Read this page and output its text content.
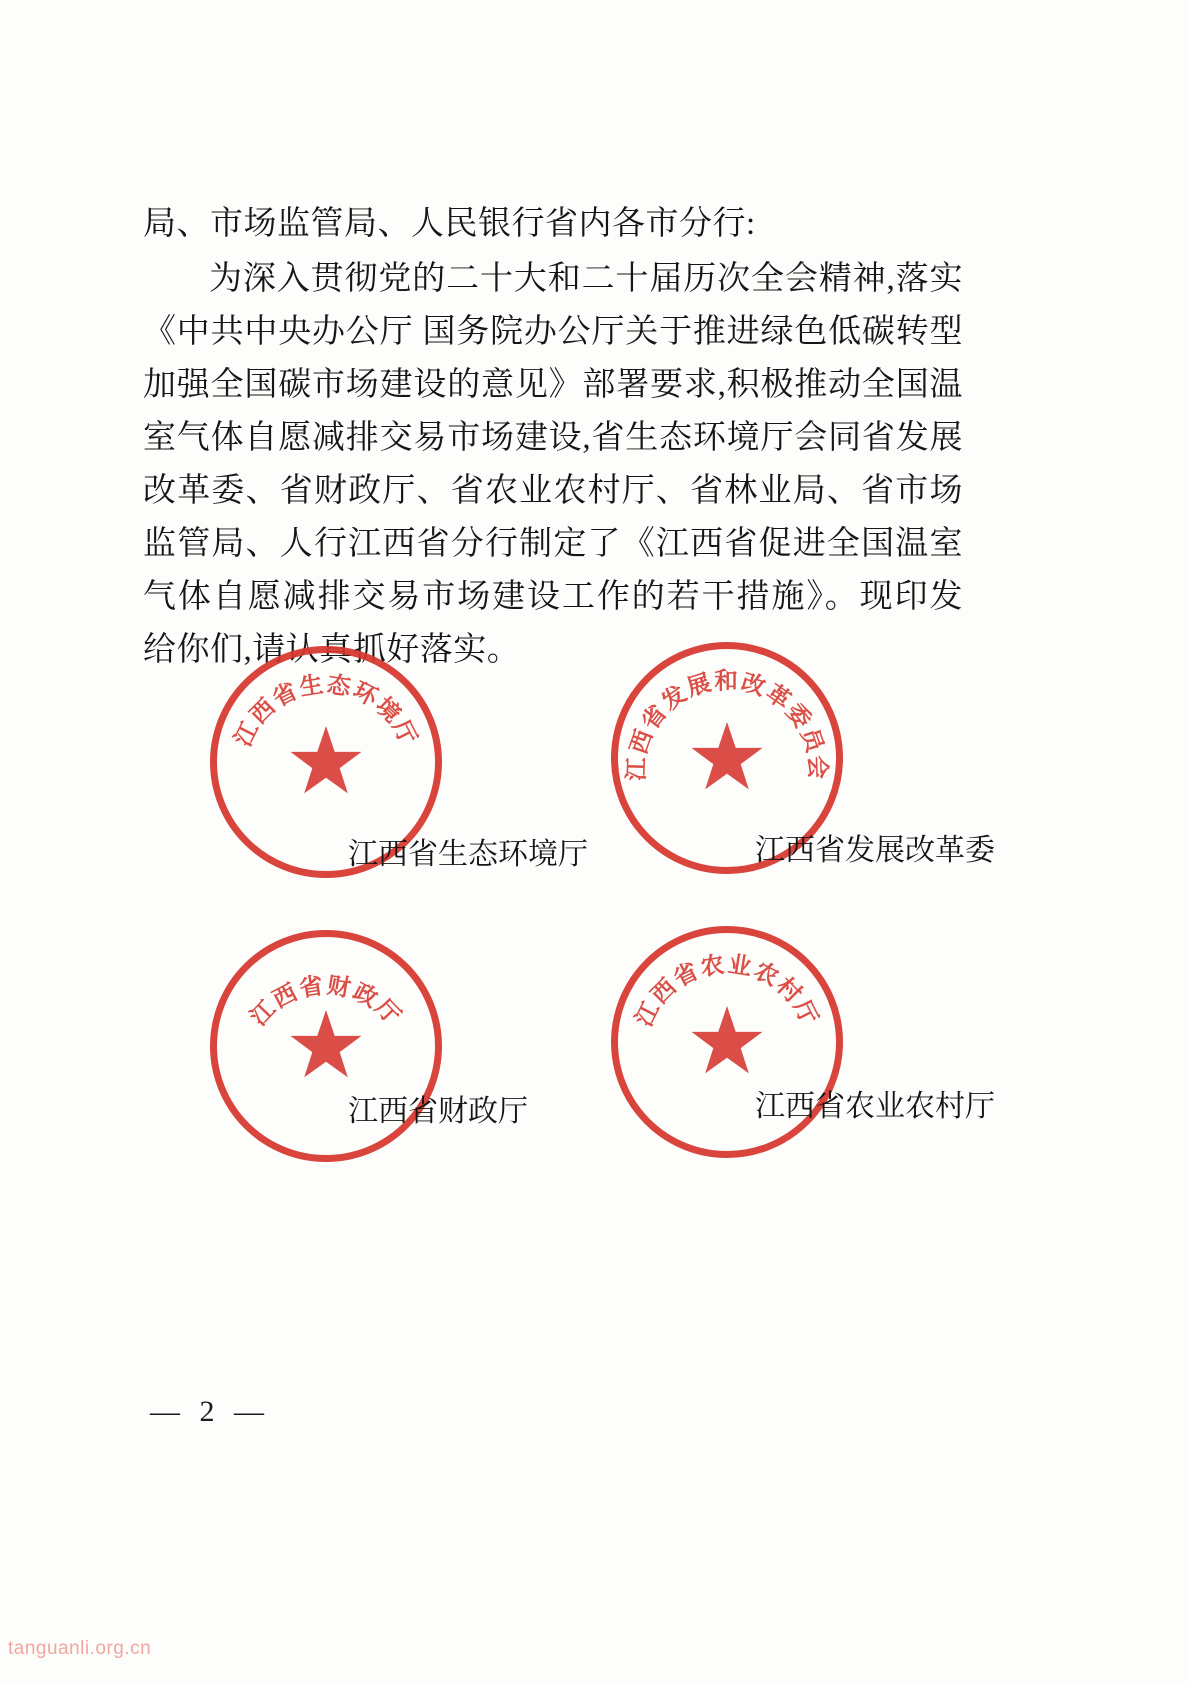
局、市场监管局、人民银行省内各市分行:

为深入贯彻党的二十大和二十届历次全会精神,落实《中共中央办公厅 国务院办公厅关于推进绿色低碳转型 加强全国碳市场建设的意见》部署要求,积极推动全国温室气体自愿减排交易市场建设,省生态环境厅会同省发展改革委、省财政厅、省农业农村厅、省林业局、省市场监管局、人行江西省分行制定了《江西省促进全国温室气体自愿减排交易市场建设工作的若干措施》。现印发给你们,请认真抓好落实。

江西省生态环境厅
江西省生态环境厅
江西省发展和改革委员会
江西省发展改革委
江西省财政厅
江西省财政厅
江西省农业农村厅
江西省农业农村厅
— 2 —
tanguanli.org.cn
